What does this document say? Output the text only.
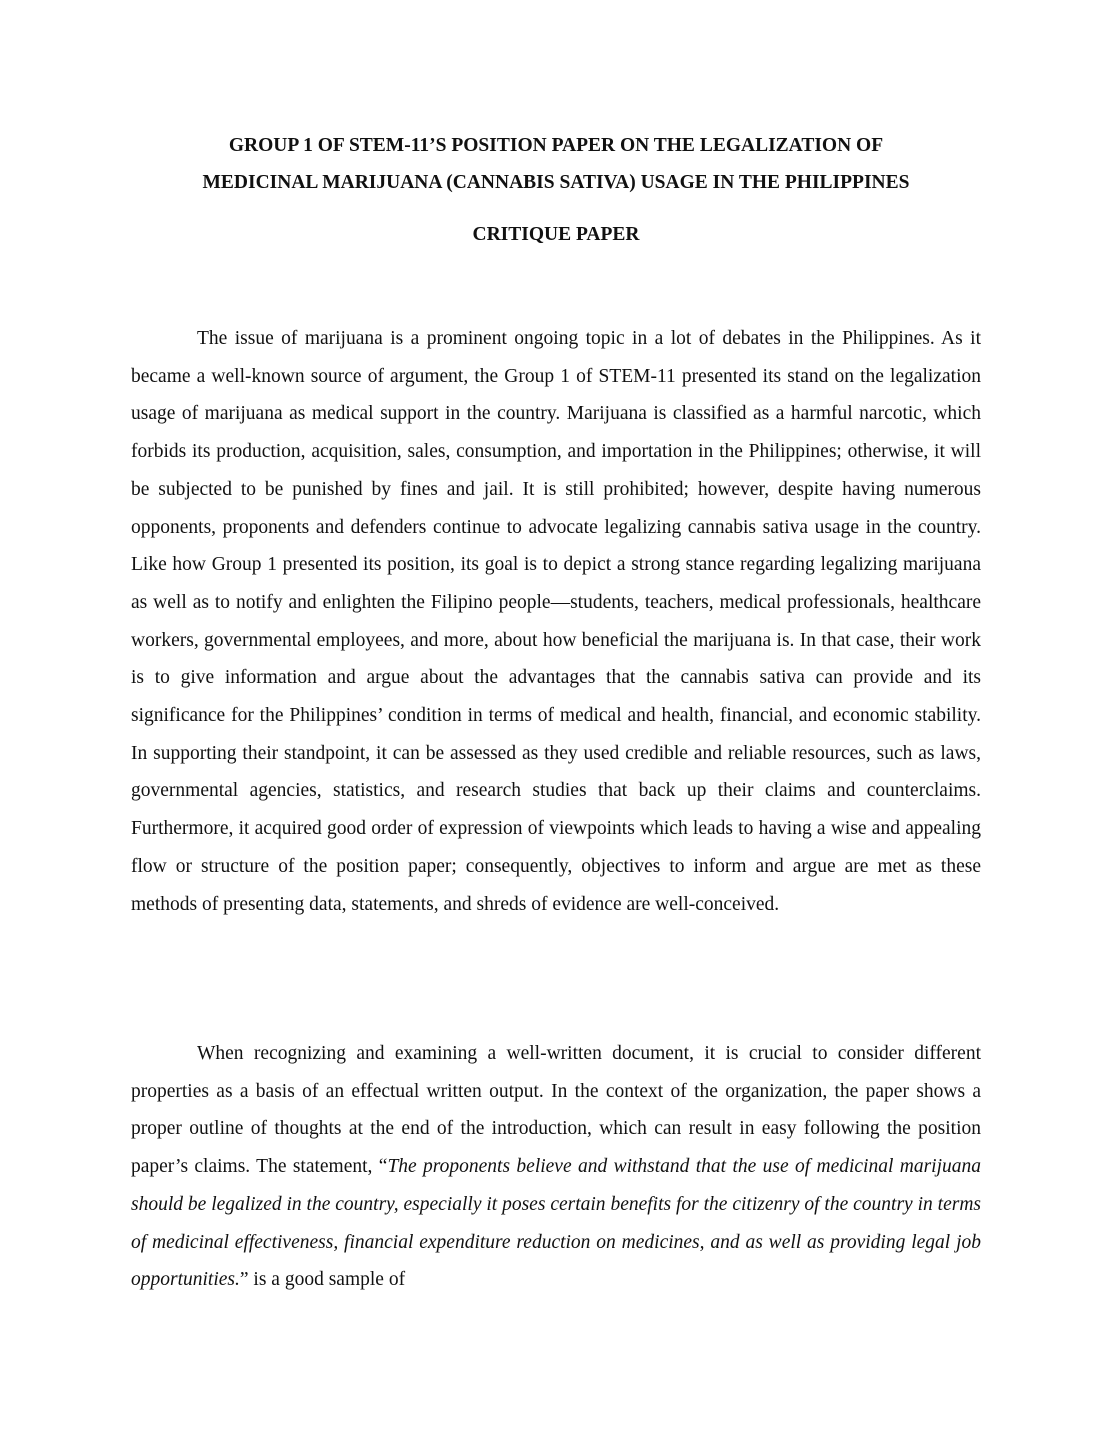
GROUP 1 OF STEM-11’S POSITION PAPER ON THE LEGALIZATION OF
MEDICINAL MARIJUANA (CANNABIS SATIVA) USAGE IN THE PHILIPPINES
CRITIQUE PAPER

The issue of marijuana is a prominent ongoing topic in a lot of debates in the Philippines. As it became a well-known source of argument, the Group 1 of STEM-11 presented its stand on the legalization usage of marijuana as medical support in the country. Marijuana is classified as a harmful narcotic, which forbids its production, acquisition, sales, consumption, and importation in the Philippines; otherwise, it will be subjected to be punished by fines and jail. It is still prohibited; however, despite having numerous opponents, proponents and defenders continue to advocate legalizing cannabis sativa usage in the country. Like how Group 1 presented its position, its goal is to depict a strong stance regarding legalizing marijuana as well as to notify and enlighten the Filipino people—students, teachers, medical professionals, healthcare workers, governmental employees, and more, about how beneficial the marijuana is. In that case, their work is to give information and argue about the advantages that the cannabis sativa can provide and its significance for the Philippines’ condition in terms of medical and health, financial, and economic stability. In supporting their standpoint, it can be assessed as they used credible and reliable resources, such as laws, governmental agencies, statistics, and research studies that back up their claims and counterclaims. Furthermore, it acquired good order of expression of viewpoints which leads to having a wise and appealing flow or structure of the position paper; consequently, objectives to inform and argue are met as these methods of presenting data, statements, and shreds of evidence are well-conceived.

When recognizing and examining a well-written document, it is crucial to consider different properties as a basis of an effectual written output. In the context of the organization, the paper shows a proper outline of thoughts at the end of the introduction, which can result in easy following the position paper’s claims. The statement, “The proponents believe and withstand that the use of medicinal marijuana should be legalized in the country, especially it poses certain benefits for the citizenry of the country in terms of medicinal effectiveness, financial expenditure reduction on medicines, and as well as providing legal job opportunities.” is a good sample of
